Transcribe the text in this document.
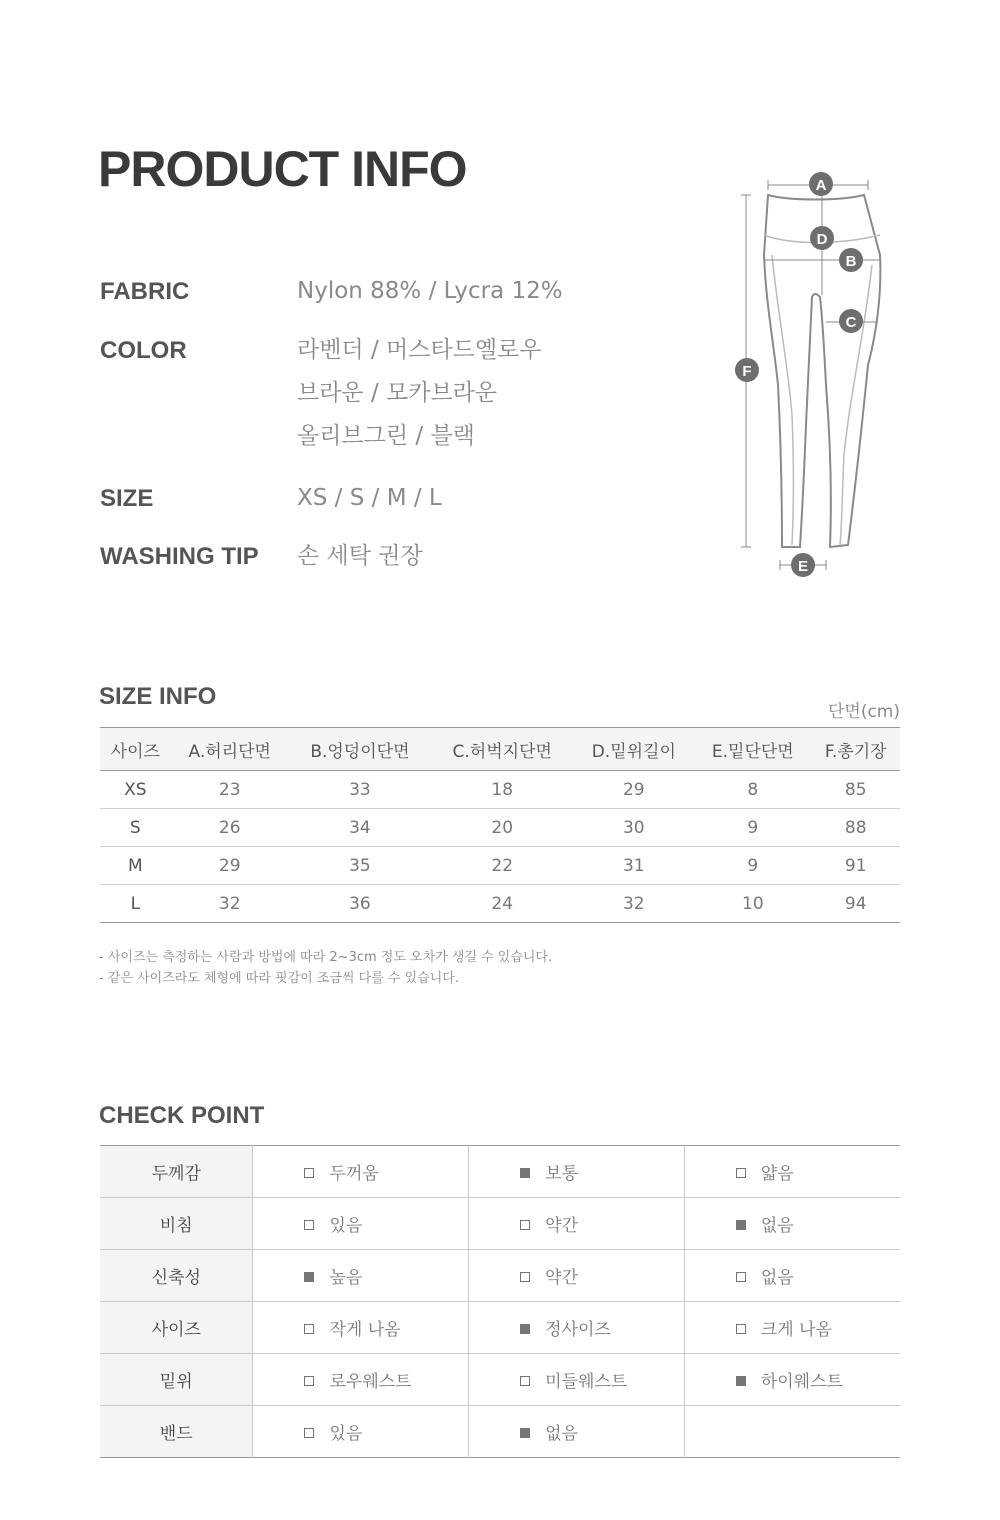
PRODUCT INFO
FABRIC	Nylon 88% / Lycra 12%
COLOR	라벤더 / 머스타드옐로우
브라운 / 모카브라운
올리브그린 / 블랙
SIZE	XS / S / M / L
WASHING TIP 손 세탁 권장
A
B
C
D
E
F
SIZE INFO
단면(cm)
사이즈	A.허리단면	B.엉덩이단면	C.허벅지단면	D.밑위길이	E.밑단단면	F.총기장
XS	23	33	18	29	8	85
S	26	34	20	30	9	88
M	29	35	22	31	9	91
L	32	36	24	32	10	94
- 사이즈는 측정하는 사람과 방법에 따라 2~3cm 정도 오차가 생길 수 있습니다.
- 같은 사이즈라도 체형에 따라 핏감이 조금씩 다를 수 있습니다.
CHECK POINT
두께감	두꺼움	보통	얇음
비침	있음	약간	없음
신축성	높음	약간	없음
사이즈	작게 나옴	정사이즈	크게 나옴
밑위	로우웨스트	미들웨스트	하이웨스트
밴드	있음	없음	
